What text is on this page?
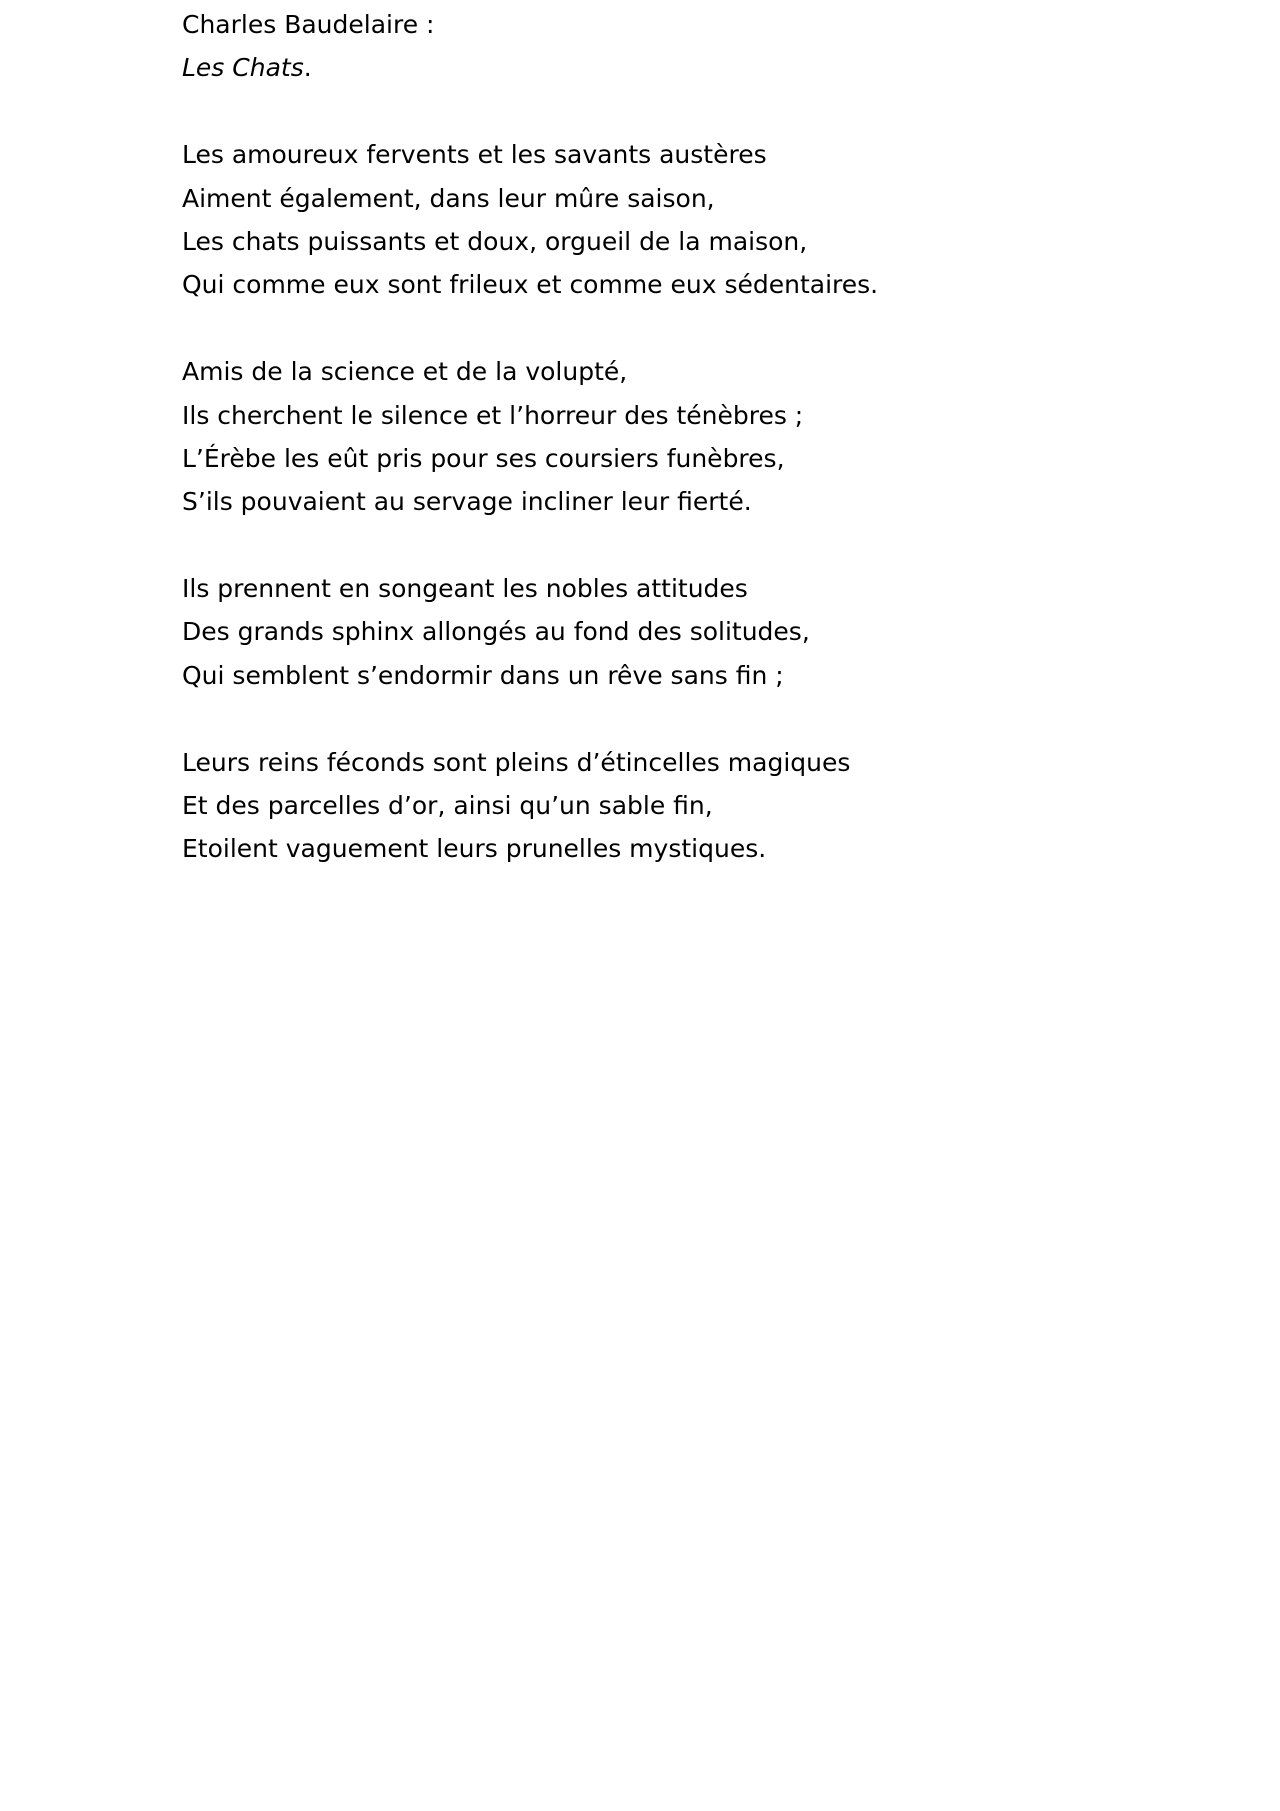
Charles Baudelaire :

Les Chats.

Les amoureux fervents et les savants austères

Aiment également, dans leur mûre saison,

Les chats puissants et doux, orgueil de la maison,

Qui comme eux sont frileux et comme eux sédentaires.

Amis de la science et de la volupté,

Ils cherchent le silence et l’horreur des ténèbres ;

L’Érèbe les eût pris pour ses coursiers funèbres,

S’ils pouvaient au servage incliner leur fierté.

Ils prennent en songeant les nobles attitudes

Des grands sphinx allongés au fond des solitudes,

Qui semblent s’endormir dans un rêve sans fin ;

Leurs reins féconds sont pleins d’étincelles magiques

Et des parcelles d’or, ainsi qu’un sable fin,

Etoilent vaguement leurs prunelles mystiques.
